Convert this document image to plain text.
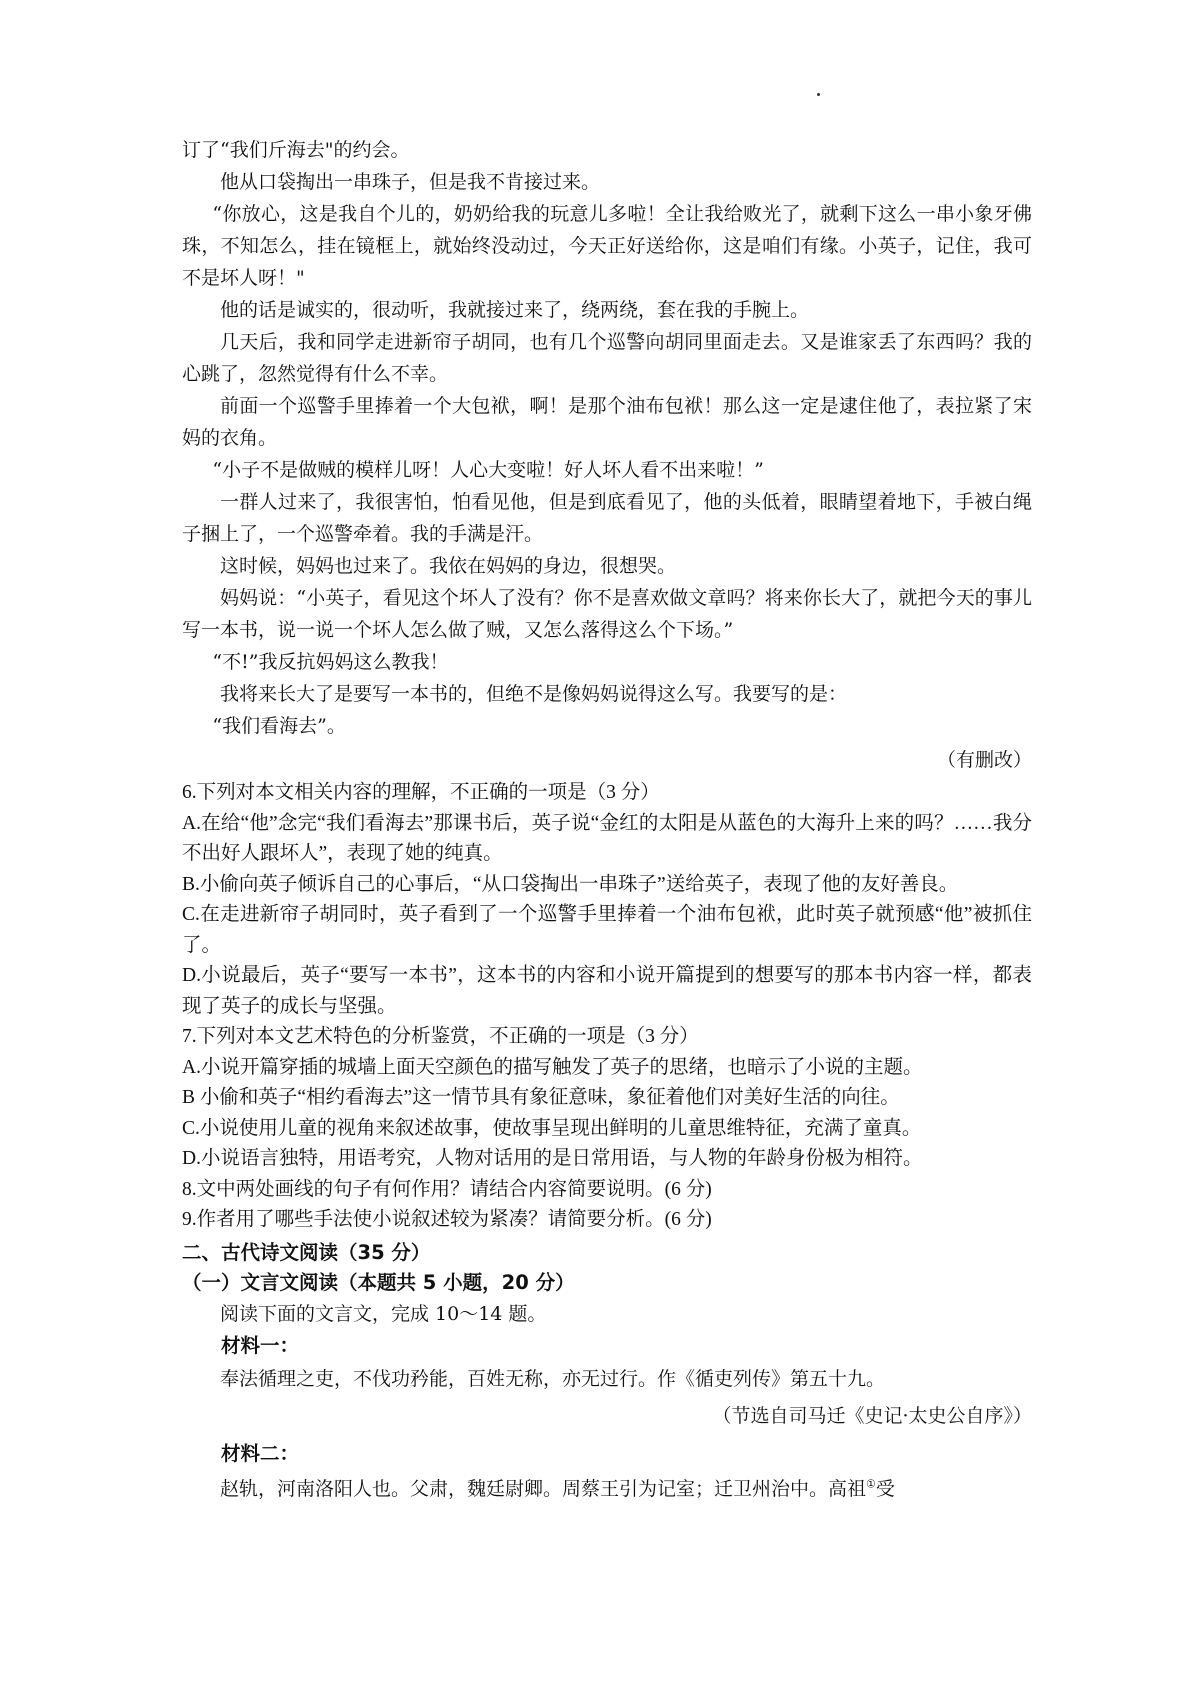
订了“我们斤海去"的约会。

他从口袋掏出一串珠子，但是我不肯接过来。

“你放心，这是我自个儿的，奶奶给我的玩意儿多啦！全让我给败光了，就剩下这么一串小象牙佛珠，不知怎么，挂在镜框上，就始终没动过，今天正好送给你，这是咱们有缘。小英子，记住，我可不是坏人呀！"

他的话是诚实的，很动听，我就接过来了，绕两绕，套在我的手腕上。

几天后，我和同学走进新帘子胡同，也有几个巡警向胡同里面走去。又是谁家丢了东西吗？我的心跳了，忽然觉得有什么不幸。

前面一个巡警手里捧着一个大包袱，啊！是那个油布包袱！那么这一定是逮住他了，表拉紧了宋妈的衣角。

“小子不是做贼的模样儿呀！人心大变啦！好人坏人看不出来啦！”

一群人过来了，我很害怕，怕看见他，但是到底看见了，他的头低着，眼睛望着地下，手被白绳子捆上了，一个巡警牵着。我的手满是汗。

这时候，妈妈也过来了。我依在妈妈的身边，很想哭。

妈妈说：“小英子，看见这个坏人了没有？你不是喜欢做文章吗？将来你长大了，就把今天的事儿写一本书，说一说一个坏人怎么做了贼，又怎么落得这么个下场。”

“不!”我反抗妈妈这么教我！

我将来长大了是要写一本书的，但绝不是像妈妈说得这么写。我要写的是：

“我们看海去”。

（有删改）

6.下列对本文相关内容的理解，不正确的一项是（3 分）

A.在给“他”念完“我们看海去”那课书后，英子说“金红的太阳是从蓝色的大海升上来的吗？……我分不出好人跟坏人”，表现了她的纯真。

B.小偷向英子倾诉自己的心事后，“从口袋掏出一串珠子”送给英子，表现了他的友好善良。

C.在走进新帘子胡同时，英子看到了一个巡警手里捧着一个油布包袱，此时英子就预感“他”被抓住了。

D.小说最后，英子“要写一本书”，这本书的内容和小说开篇提到的想要写的那本书内容一样，都表现了英子的成长与坚强。

7.下列对本文艺术特色的分析鉴赏，不正确的一项是（3 分）

A.小说开篇穿插的城墙上面天空颜色的描写触发了英子的思绪，也暗示了小说的主题。

B 小偷和英子“相约看海去”这一情节具有象征意味，象征着他们对美好生活的向往。

C.小说使用儿童的视角来叙述故事，使故事呈现出鲜明的儿童思维特征，充满了童真。

D.小说语言独特，用语考究，人物对话用的是日常用语，与人物的年龄身份极为相符。

8.文中两处画线的句子有何作用？请结合内容简要说明。(6 分)

9.作者用了哪些手法使小说叙述较为紧凑？请简要分析。(6 分)

二、古代诗文阅读（35 分）

（一）文言文阅读（本题共 5 小题，20 分）

阅读下面的文言文，完成 10～14 题。

材料一：

奉法循理之吏，不伐功矜能，百姓无称，亦无过行。作《循吏列传》第五十九。

（节选自司马迁《史记·太史公自序》）

材料二：

赵轨，河南洛阳人也。父肃，魏廷尉卿。周蔡王引为记室；迁卫州治中。高祖①受
